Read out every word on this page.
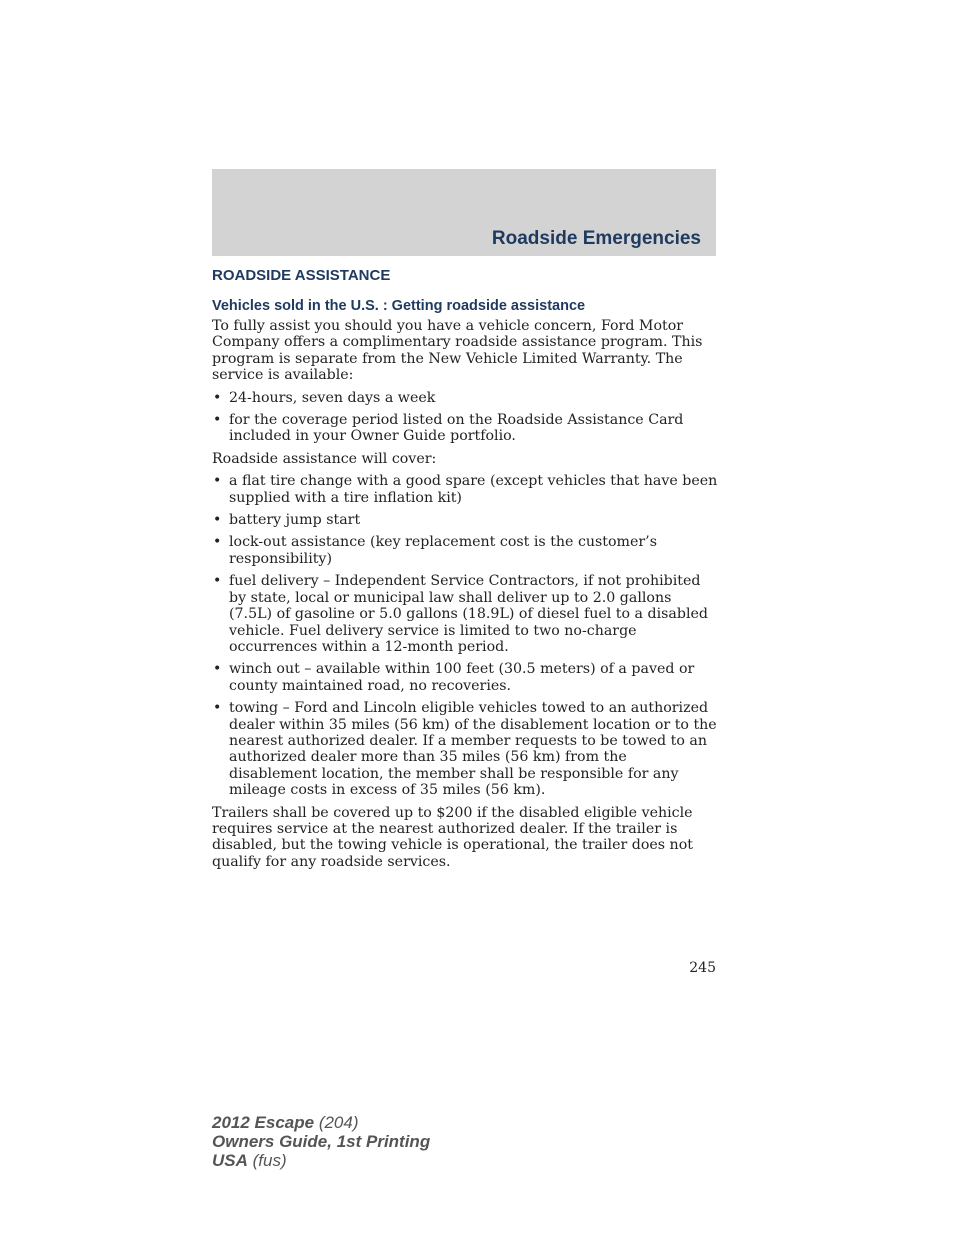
Roadside Emergencies
ROADSIDE ASSISTANCE
Vehicles sold in the U.S. : Getting roadside assistance

To fully assist you should you have a vehicle concern, Ford Motor Company offers a complimentary roadside assistance program. This program is separate from the New Vehicle Limited Warranty. The service is available:

• 24-hours, seven days a week
• for the coverage period listed on the Roadside Assistance Card included in your Owner Guide portfolio.

Roadside assistance will cover:

• a flat tire change with a good spare (except vehicles that have been supplied with a tire inflation kit)
• battery jump start
• lock-out assistance (key replacement cost is the customer’s responsibility)
• fuel delivery – Independent Service Contractors, if not prohibited by state, local or municipal law shall deliver up to 2.0 gallons (7.5L) of gasoline or 5.0 gallons (18.9L) of diesel fuel to a disabled vehicle. Fuel delivery service is limited to two no-charge occurrences within a 12-month period.
• winch out – available within 100 feet (30.5 meters) of a paved or county maintained road, no recoveries.
• towing – Ford and Lincoln eligible vehicles towed to an authorized dealer within 35 miles (56 km) of the disablement location or to the nearest authorized dealer. If a member requests to be towed to an authorized dealer more than 35 miles (56 km) from the disablement location, the member shall be responsible for any mileage costs in excess of 35 miles (56 km).

Trailers shall be covered up to $200 if the disabled eligible vehicle requires service at the nearest authorized dealer. If the trailer is disabled, but the towing vehicle is operational, the trailer does not qualify for any roadside services.

245
2012 Escape (204)
Owners Guide, 1st Printing
USA (fus)
